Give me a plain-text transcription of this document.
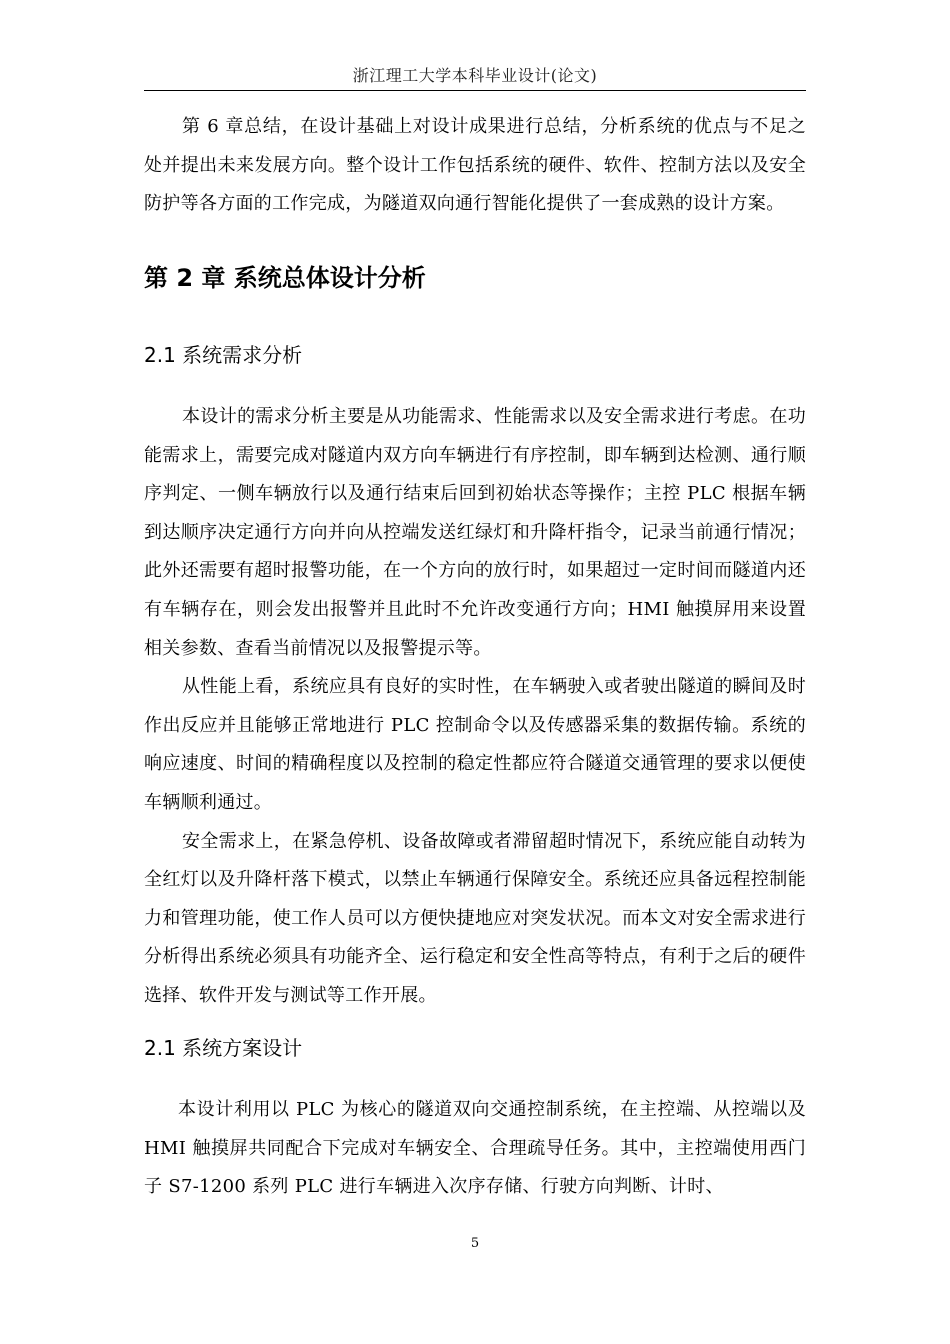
浙江理工大学本科毕业设计(论文)

第 6 章总结，在设计基础上对设计成果进行总结，分析系统的优点与不足之处并提出未来发展方向。整个设计工作包括系统的硬件、软件、控制方法以及安全防护等各方面的工作完成，为隧道双向通行智能化提供了一套成熟的设计方案。

第 2 章 系统总体设计分析
2.1 系统需求分析

本设计的需求分析主要是从功能需求、性能需求以及安全需求进行考虑。在功能需求上，需要完成对隧道内双方向车辆进行有序控制，即车辆到达检测、通行顺序判定、一侧车辆放行以及通行结束后回到初始状态等操作；主控 PLC 根据车辆到达顺序决定通行方向并向从控端发送红绿灯和升降杆指令，记录当前通行情况；此外还需要有超时报警功能，在一个方向的放行时，如果超过一定时间而隧道内还有车辆存在，则会发出报警并且此时不允许改变通行方向；HMI 触摸屏用来设置相关参数、查看当前情况以及报警提示等。

从性能上看，系统应具有良好的实时性，在车辆驶入或者驶出隧道的瞬间及时作出反应并且能够正常地进行 PLC 控制命令以及传感器采集的数据传输。系统的响应速度、时间的精确程度以及控制的稳定性都应符合隧道交通管理的要求以便使车辆顺利通过。

安全需求上，在紧急停机、设备故障或者滞留超时情况下，系统应能自动转为全红灯以及升降杆落下模式，以禁止车辆通行保障安全。系统还应具备远程控制能力和管理功能，使工作人员可以方便快捷地应对突发状况。而本文对安全需求进行分析得出系统必须具有功能齐全、运行稳定和安全性高等特点，有利于之后的硬件选择、软件开发与测试等工作开展。

2.1 系统方案设计

本设计利用以 PLC 为核心的隧道双向交通控制系统，在主控端、从控端以及 HMI 触摸屏共同配合下完成对车辆安全、合理疏导任务。其中，主控端使用西门子 S7-1200 系列 PLC 进行车辆进入次序存储、行驶方向判断、计时、

5
